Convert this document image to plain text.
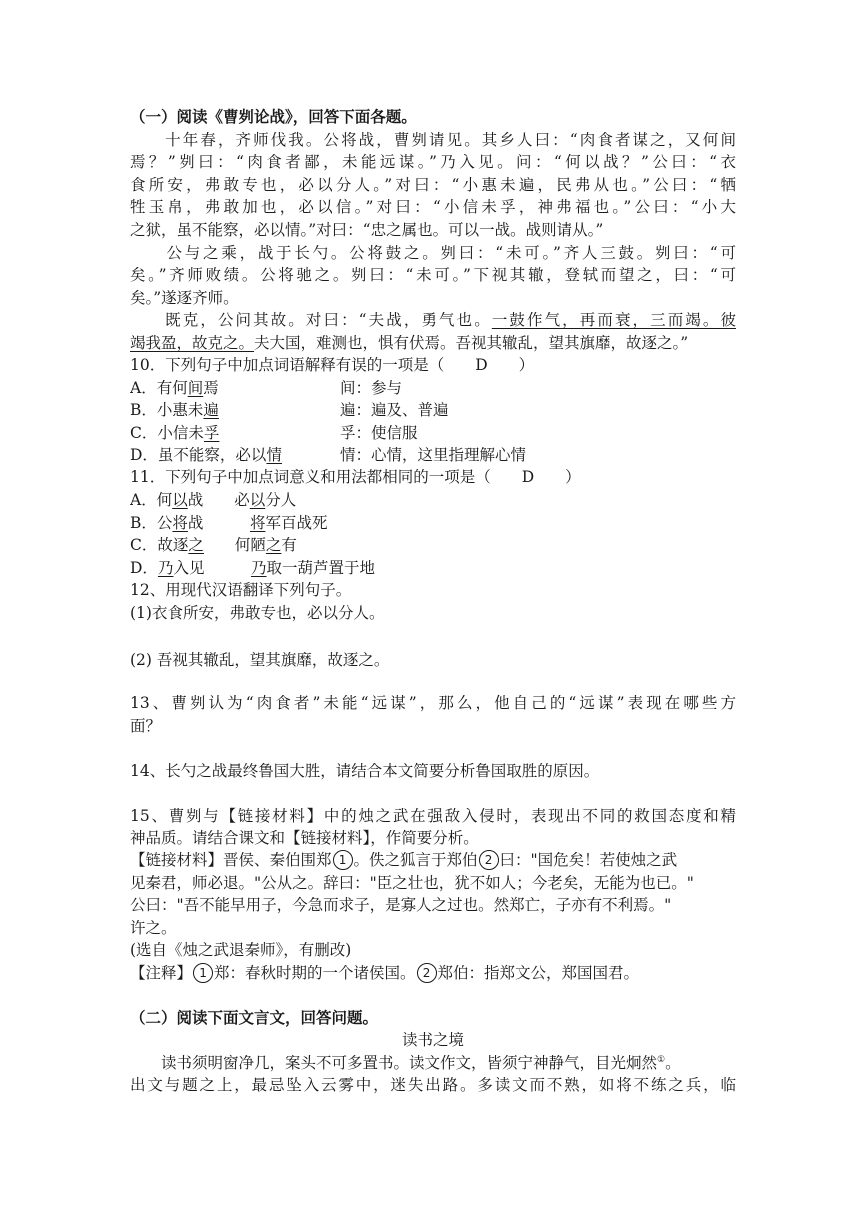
（一）阅读《曹刿论战》，回答下面各题。
　　十年春，齐师伐我。公将战，曹刿请见。其乡人曰：“肉食者谋之，又何间
焉？”刿曰：“肉食者鄙，未能远谋。”乃入见。问：“何以战？”公曰：“衣
食所安，弗敢专也，必以分人。”对曰：“小惠未遍，民弗从也。”公曰：“牺
牲玉帛，弗敢加也，必以信。”对曰：“小信未孚，神弗福也。”公曰：“小大
之狱，虽不能察，必以情。”对曰：“忠之属也。可以一战。战则请从。”
　　公与之乘，战于长勺。公将鼓之。刿曰：“未可。”齐人三鼓。刿曰：“可
矣。”齐师败绩。公将驰之。刿曰：“未可。”下视其辙，登轼而望之，曰：“可
矣。”遂逐齐师。
　　既克，公问其故。对曰：“夫战，勇气也。一鼓作气，再而衰，三而竭。彼
竭我盈，故克之。夫大国，难测也，惧有伏焉。吾视其辙乱，望其旗靡，故逐之。”
10．下列句子中加点词语解释有误的一项是（　　D　　）
A．有何间焉	间：参与
B．小惠未遍	遍：遍及、普遍
C．小信未孚	孚：使信服
D．虽不能察，必以情	情：心情，这里指理解心情
11．下列句子中加点词意义和用法都相同的一项是（　　D　　）
A．何以战　　必以分人
B．公将战　　　	将军百战死
C．故逐之　　何陋之有
D．乃入见　　　	乃取一葫芦置于地
12、用现代汉语翻译下列句子。
(1)衣食所安，弗敢专也，必以分人。
(2) 吾视其辙乱，望其旗靡，故逐之。
13、曹刿认为“肉食者”未能“远谋”，那么，他自己的“远谋”表现在哪些方
面？
14、长勺之战最终鲁国大胜，请结合本文简要分析鲁国取胜的原因。
15、曹刿与【链接材料】中的烛之武在强敌入侵时，表现出不同的救国态度和精
神品质。请结合课文和【链接材料】，作简要分析。
【链接材料】晋侯、秦伯围郑 1 。佚之狐言于郑伯 2 曰："国危矣！若使烛之武
见秦君，师必退。"公从之。辞曰："臣之壮也，犹不如人；今老矣，无能为也已。"
公曰："吾不能早用子，今急而求子，是寡人之过也。然郑亡，子亦有不利焉。"
许之。
(选自《烛之武退秦师》，有删改)
【注释】 1 郑：春秋时期的一个诸侯国。 2 郑伯：指郑文公，郑国国君。
（二）阅读下面文言文，回答问题。
读书之境
　　读书须明窗净几，案头不可多置书。读文作文，皆须宁神静气，目光炯然①。
出文与题之上，最忌坠入云雾中，迷失出路。多读文而不熟，如将不练之兵，临
